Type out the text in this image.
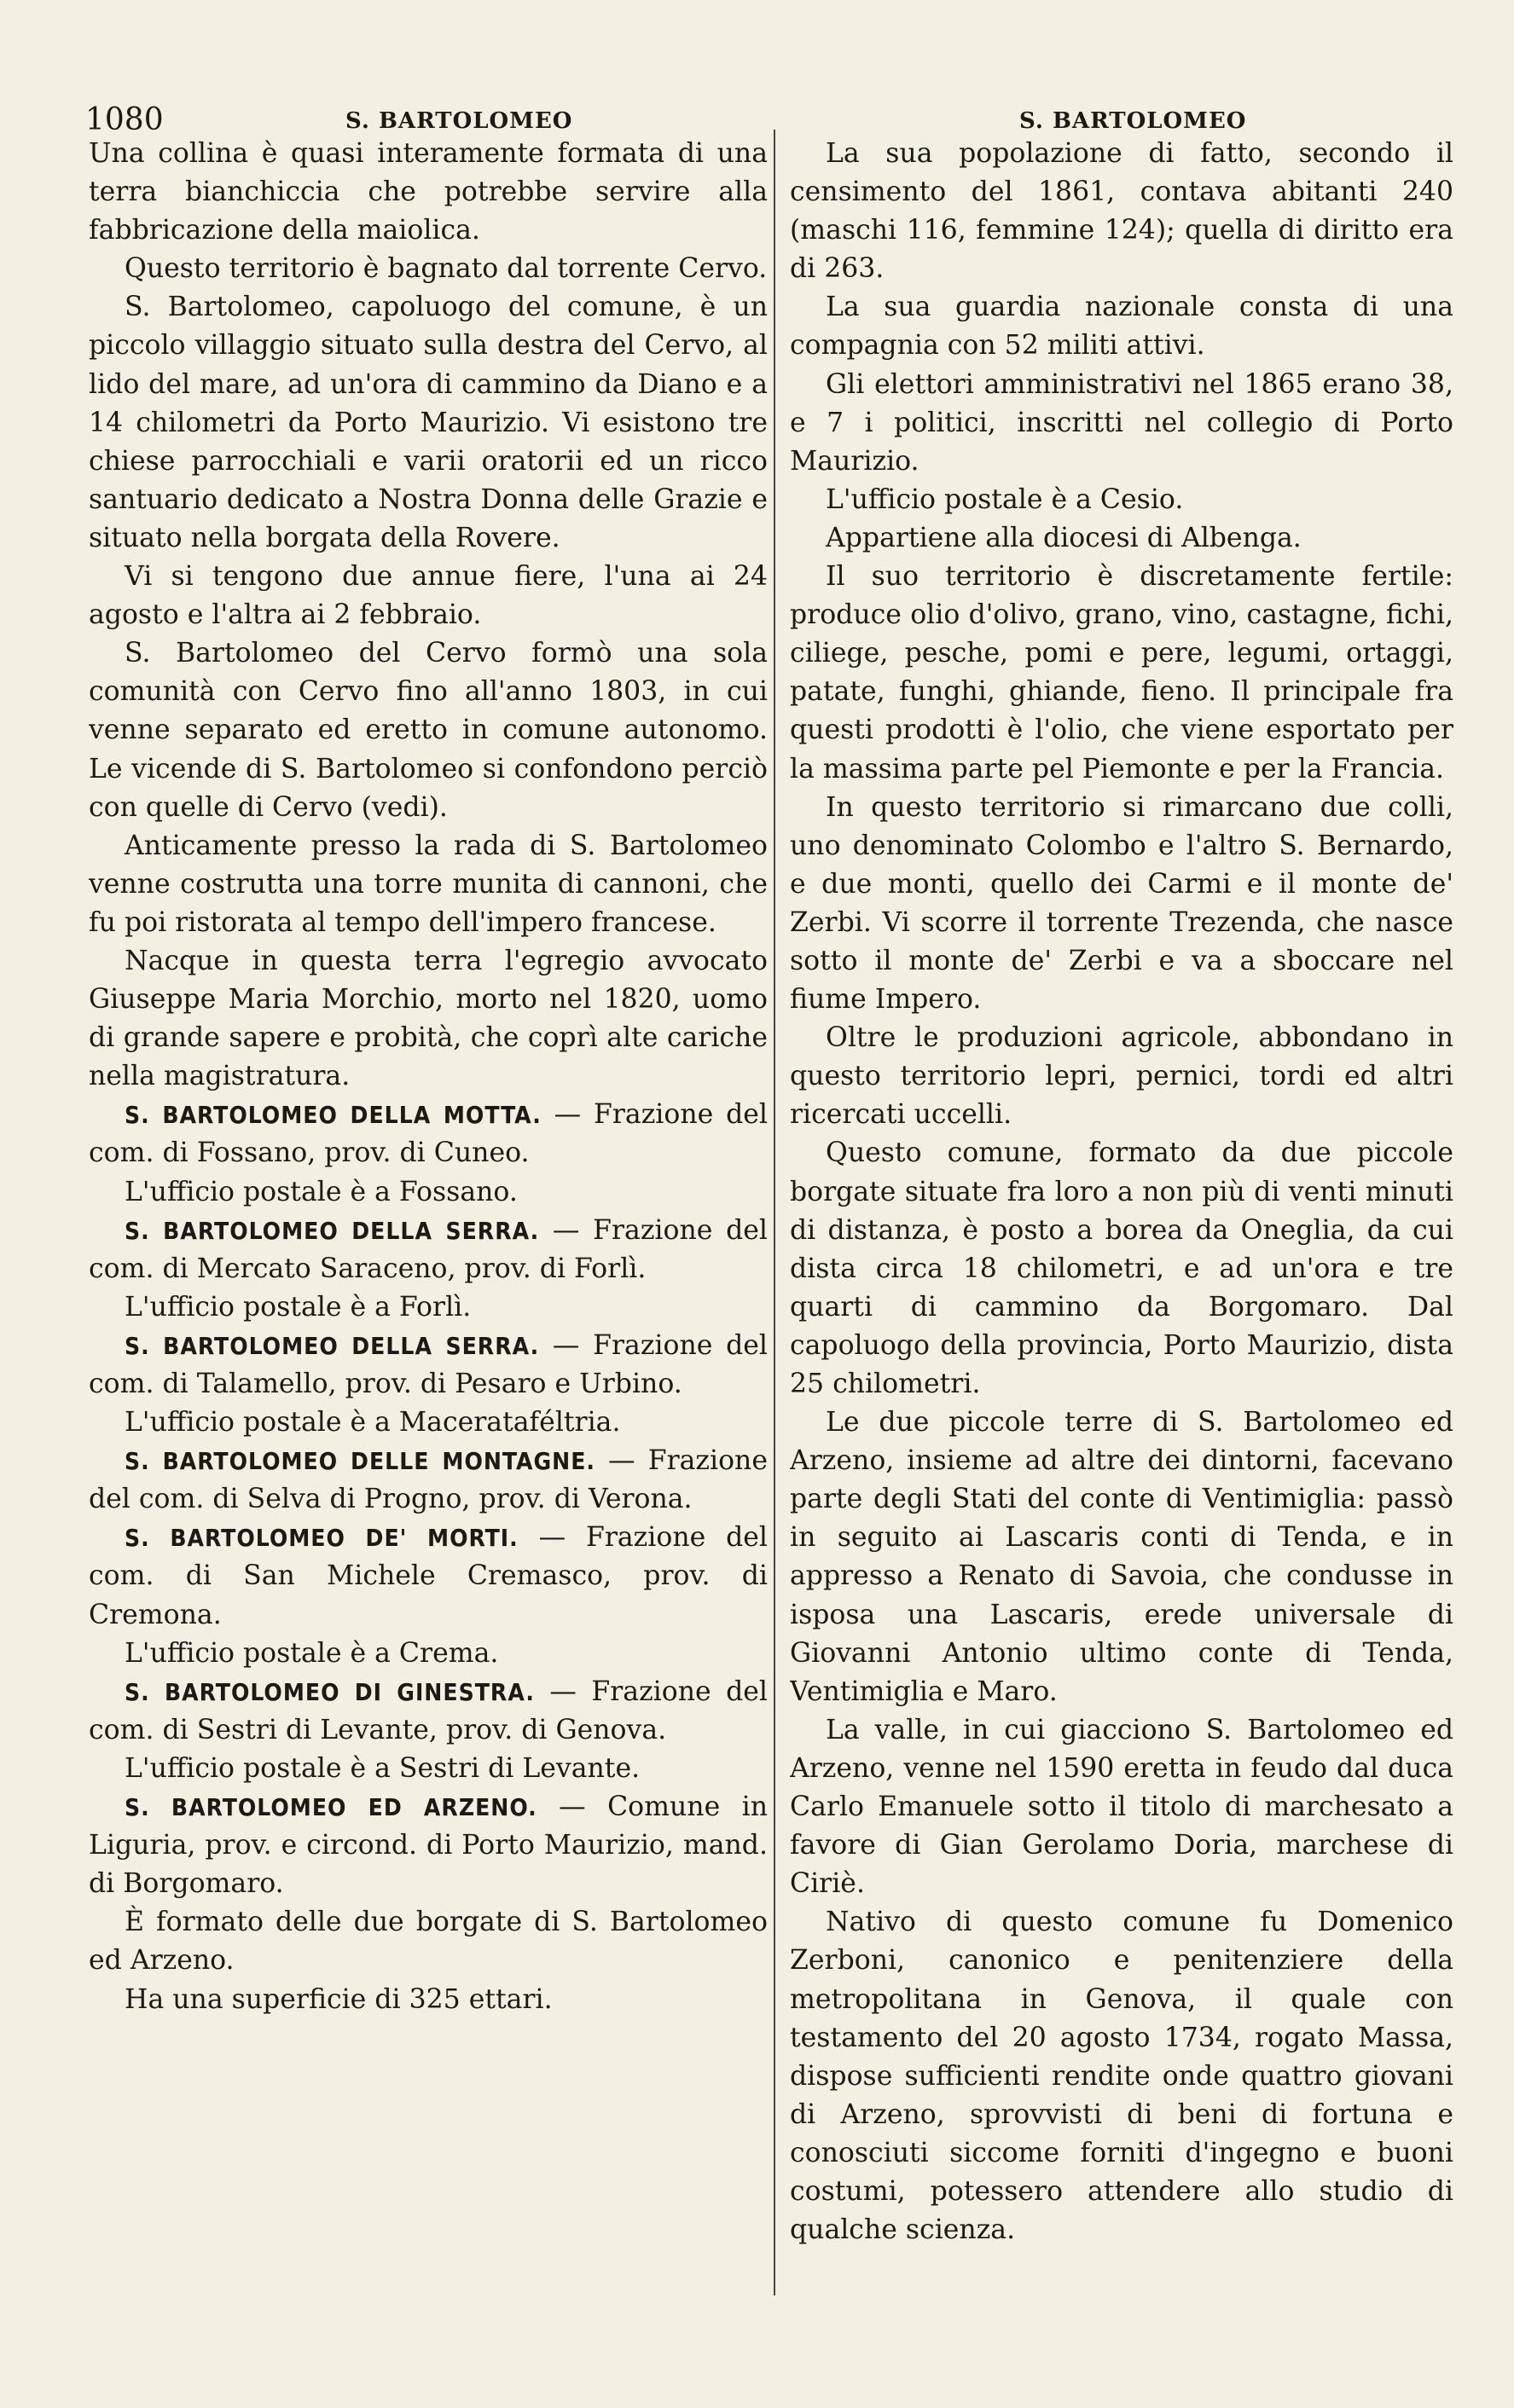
1080	S. BARTOLOMEO	S. BARTOLOMEO

Una collina è quasi interamente formata di una terra bianchiccia che potrebbe servire alla fabbricazione della maiolica.

Questo territorio è bagnato dal torrente Cervo.

S. Bartolomeo, capoluogo del comune, è un piccolo villaggio situato sulla destra del Cervo, al lido del mare, ad un'ora di cammino da Diano e a 14 chilometri da Porto Maurizio. Vi esistono tre chiese parrocchiali e varii oratorii ed un ricco santuario dedicato a Nostra Donna delle Grazie e situato nella borgata della Rovere.

Vi si tengono due annue fiere, l'una ai 24 agosto e l'altra ai 2 febbraio.

S. Bartolomeo del Cervo formò una sola comunità con Cervo fino all'anno 1803, in cui venne separato ed eretto in comune autonomo. Le vicende di S. Bartolomeo si confondono perciò con quelle di Cervo (vedi).

Anticamente presso la rada di S. Bartolomeo venne costrutta una torre munita di cannoni, che fu poi ristorata al tempo dell'impero francese.

Nacque in questa terra l'egregio avvocato Giuseppe Maria Morchio, morto nel 1820, uomo di grande sapere e probità, che coprì alte cariche nella magistratura.

S. BARTOLOMEO DELLA MOTTA. — Frazione del com. di Fossano, prov. di Cuneo.

L'ufficio postale è a Fossano.

S. BARTOLOMEO DELLA SERRA. — Frazione del com. di Mercato Saraceno, prov. di Forlì.

L'ufficio postale è a Forlì.

S. BARTOLOMEO DELLA SERRA. — Frazione del com. di Talamello, prov. di Pesaro e Urbino.

L'ufficio postale è a Macerataféltria.

S. BARTOLOMEO DELLE MONTAGNE. — Frazione del com. di Selva di Progno, prov. di Verona.

S. BARTOLOMEO DE' MORTI. — Frazione del com. di San Michele Cremasco, prov. di Cremona.

L'ufficio postale è a Crema.

S. BARTOLOMEO DI GINESTRA. — Frazione del com. di Sestri di Levante, prov. di Genova.

L'ufficio postale è a Sestri di Levante.

S. BARTOLOMEO ED ARZENO. — Comune in Liguria, prov. e circond. di Porto Maurizio, mand. di Borgomaro.

È formato delle due borgate di S. Bartolomeo ed Arzeno.

Ha una superficie di 325 ettari.

La sua popolazione di fatto, secondo il censimento del 1861, contava abitanti 240 (maschi 116, femmine 124); quella di diritto era di 263.

La sua guardia nazionale consta di una compagnia con 52 militi attivi.

Gli elettori amministrativi nel 1865 erano 38, e 7 i politici, inscritti nel collegio di Porto Maurizio.

L'ufficio postale è a Cesio.

Appartiene alla diocesi di Albenga.

Il suo territorio è discretamente fertile: produce olio d'olivo, grano, vino, castagne, fichi, ciliege, pesche, pomi e pere, legumi, ortaggi, patate, funghi, ghiande, fieno. Il principale fra questi prodotti è l'olio, che viene esportato per la massima parte pel Piemonte e per la Francia.

In questo territorio si rimarcano due colli, uno denominato Colombo e l'altro S. Bernardo, e due monti, quello dei Carmi e il monte de' Zerbi. Vi scorre il torrente Trezenda, che nasce sotto il monte de' Zerbi e va a sboccare nel fiume Impero.

Oltre le produzioni agricole, abbondano in questo territorio lepri, pernici, tordi ed altri ricercati uccelli.

Questo comune, formato da due piccole borgate situate fra loro a non più di venti minuti di distanza, è posto a borea da Oneglia, da cui dista circa 18 chilometri, e ad un'ora e tre quarti di cammino da Borgomaro. Dal capoluogo della provincia, Porto Maurizio, dista 25 chilometri.

Le due piccole terre di S. Bartolomeo ed Arzeno, insieme ad altre dei dintorni, facevano parte degli Stati del conte di Ventimiglia: passò in seguito ai Lascaris conti di Tenda, e in appresso a Renato di Savoia, che condusse in isposa una Lascaris, erede universale di Giovanni Antonio ultimo conte di Tenda, Ventimiglia e Maro.

La valle, in cui giacciono S. Bartolomeo ed Arzeno, venne nel 1590 eretta in feudo dal duca Carlo Emanuele sotto il titolo di marchesato a favore di Gian Gerolamo Doria, marchese di Ciriè.

Nativo di questo comune fu Domenico Zerboni, canonico e penitenziere della metropolitana in Genova, il quale con testamento del 20 agosto 1734, rogato Massa, dispose sufficienti rendite onde quattro giovani di Arzeno, sprovvisti di beni di fortuna e conosciuti siccome forniti d'ingegno e buoni costumi, potessero attendere allo studio di qualche scienza.
